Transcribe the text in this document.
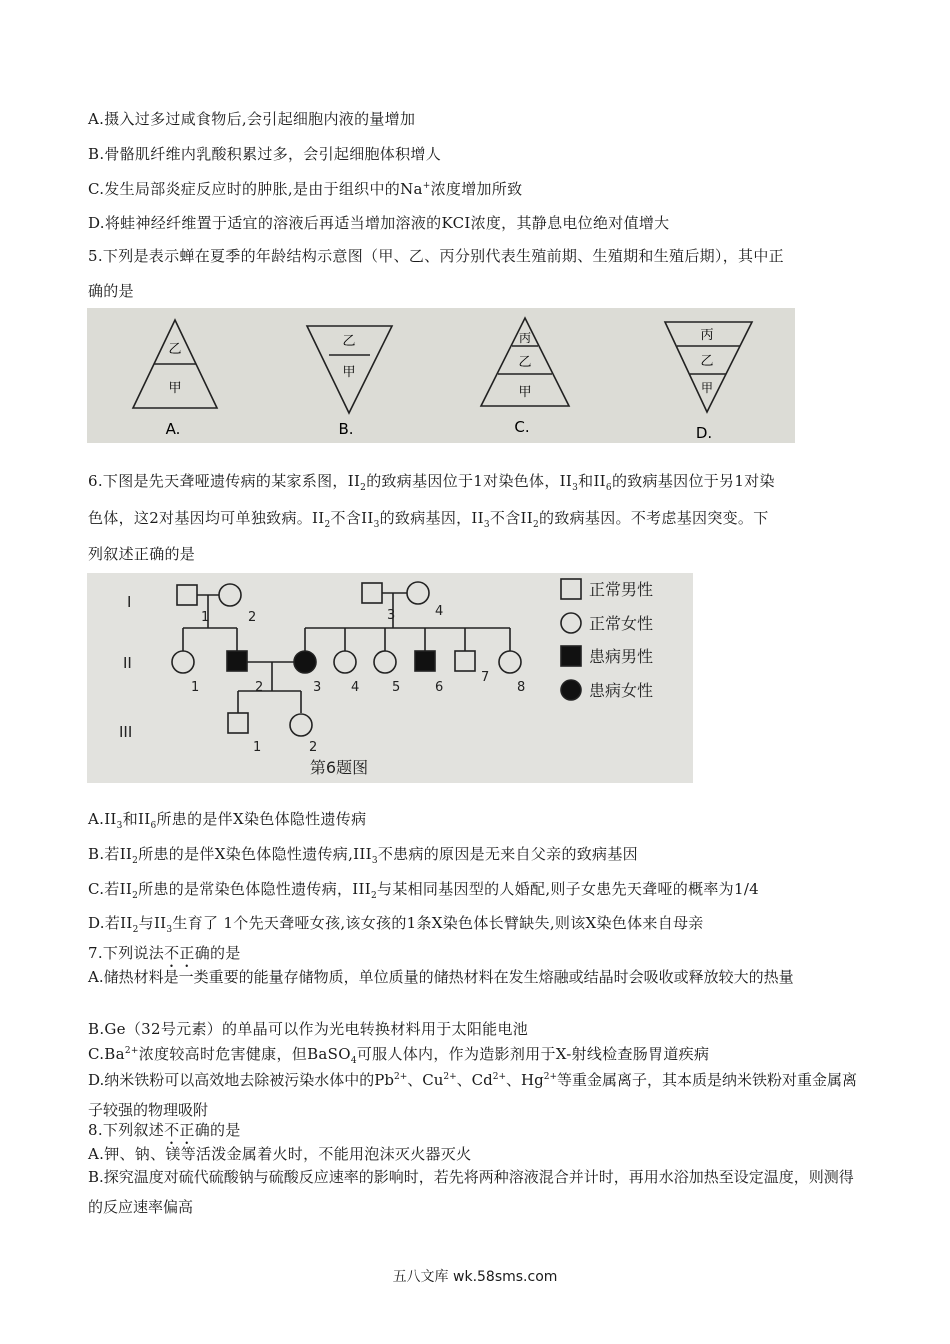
A.摄入过多过咸食物后,会引起细胞内液的量增加
B.骨骼肌纤维内乳酸积累过多，会引起细胞体积增人
C.发生局部炎症反应时的肿胀,是由于组织中的Na+浓度增加所致
D.将蛙神经纤维置于适宜的溶液后再适当增加溶液的KCI浓度，其静息电位绝对值增大
5.下列是表示蝉在夏季的年龄结构示意图（甲、乙、丙分别代表生殖前期、生殖期和生殖后期），其中正
确的是
乙
甲
A.
乙
甲
B.
丙
乙
甲
C.
丙
乙
甲
D.
6.下图是先天聋哑遗传病的某家系图，$II_2$的致病基因位于1对染色体，$II_3$和$II_6$的致病基因位于另1对染
色体，这2对基因均可单独致病。$II_2$不含$II_3$的致病基因，$II_3$不含$II_2$的致病基因。不考虑基因突变。下
列叙述正确的是
I
II
III
1	2	3	4
1	2	3 4	5	6
7
8
1	2
正常男性
正常女性
患病男性
患病女性
第6题图
$A.II_3$和$II_6$所患的是伴X染色体隐性遗传病
B.若$II_2$所患的是伴X染色体隐性遗传病$,III_3$不患病的原因是无来自父亲的致病基因
C.若$II_2$所患的是常染色体隐性遗传病，$III_2$与某相同基因型的人婚配,则子女患先天聋哑的概率为1/4
D.若$II_2$与$II_3$生育了 1个先天聋哑女孩,该女孩的1条X染色体长臂缺失,则该X染色体来自母亲
7.下列说法不正确的是
A.储热材料是一类重要的能量存储物质，单位质量的储热材料在发生熔融或结晶时会吸收或释放较大的热量
B.Ge（32号元素）的单晶可以作为光电转换材料用于太阳能电池
$C.Ba^{2+}$浓度较高时危害健康，但BaSO$_4$可服人体内，作为造影剂用于X-射线检查肠胃道疾病
D.纳米铁粉可以高效地去除被污染水体中的$Pb^{2+}$、$Cu^{2+}$、$Cd^{2+}$、$Hg^{2+}$等重金属离子，其本质是纳米铁粉对重金属离子较强的物理吸附
8.下列叙述不正确的是
A.钾、钠、镁等活泼金属着火时，不能用泡沫灭火器灭火
B.探究温度对硫代硫酸钠与硫酸反应速率的影响时，若先将两种溶液混合并计时，再用水浴加热至设定温度，则测得的反应速率偏高
五八文库 wk.58sms.com
